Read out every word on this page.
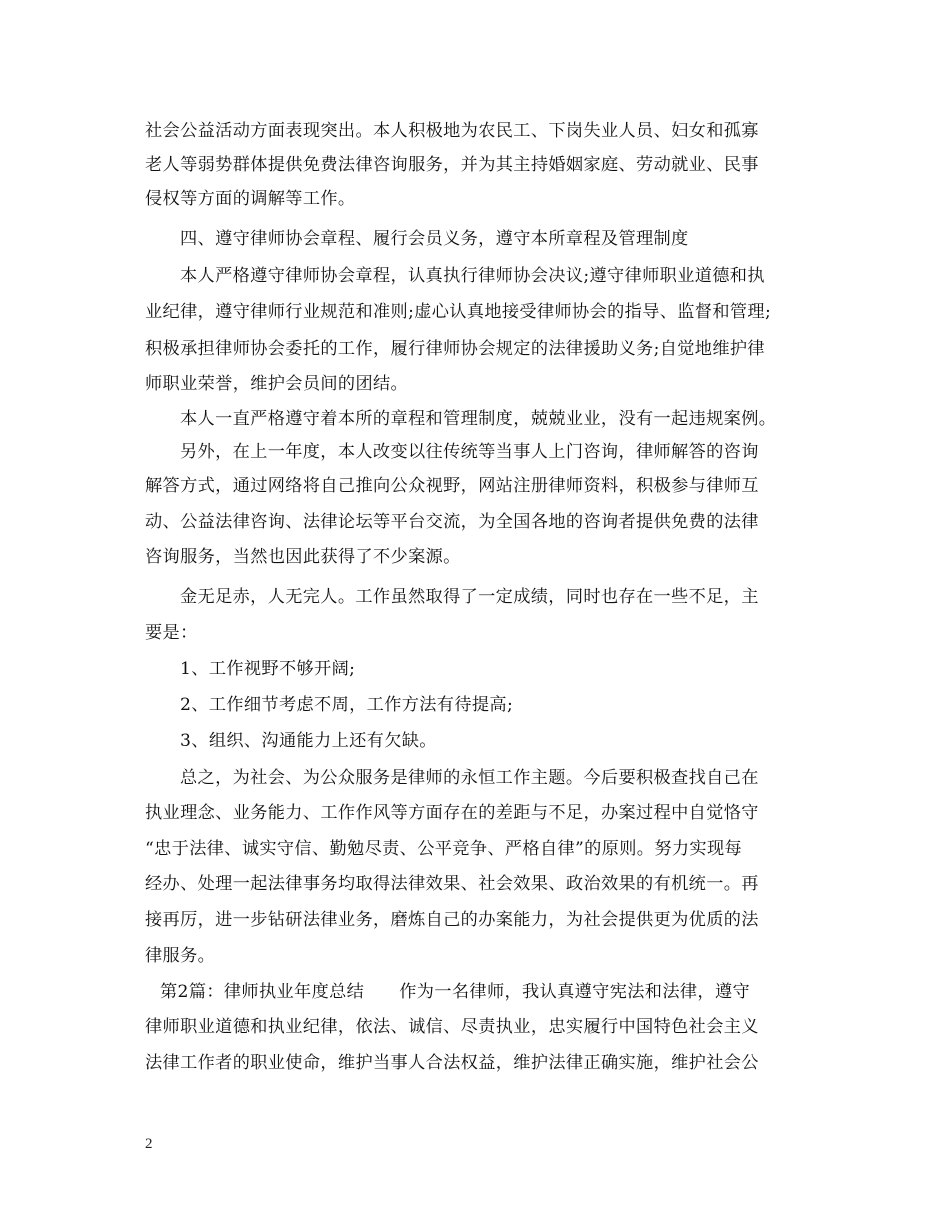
社会公益活动方面表现突出。本人积极地为农民工、下岗失业人员、妇女和孤寡
老人等弱势群体提供免费法律咨询服务，并为其主持婚姻家庭、劳动就业、民事
侵权等方面的调解等工作。
四、遵守律师协会章程、履行会员义务，遵守本所章程及管理制度
本人严格遵守律师协会章程，认真执行律师协会决议;遵守律师职业道德和执
业纪律，遵守律师行业规范和准则;虚心认真地接受律师协会的指导、监督和管理;
积极承担律师协会委托的工作，履行律师协会规定的法律援助义务;自觉地维护律
师职业荣誉，维护会员间的团结。
本人一直严格遵守着本所的章程和管理制度，兢兢业业，没有一起违规案例。
另外，在上一年度，本人改变以往传统等当事人上门咨询，律师解答的咨询
解答方式，通过网络将自己推向公众视野，网站注册律师资料，积极参与律师互
动、公益法律咨询、法律论坛等平台交流，为全国各地的咨询者提供免费的法律
咨询服务，当然也因此获得了不少案源。
金无足赤，人无完人。工作虽然取得了一定成绩，同时也存在一些不足，主
要是：
1、工作视野不够开阔;
2、工作细节考虑不周，工作方法有待提高;
3、组织、沟通能力上还有欠缺。
总之，为社会、为公众服务是律师的永恒工作主题。今后要积极查找自己在
执业理念、业务能力、工作作风等方面存在的差距与不足，办案过程中自觉恪守
“忠于法律、诚实守信、勤勉尽责、公平竞争、严格自律”的原则。努力实现每
经办、处理一起法律事务均取得法律效果、社会效果、政治效果的有机统一。再
接再厉，进一步钻研法律业务，磨炼自己的办案能力，为社会提供更为优质的法
律服务。
第2篇：律师执业年度总结　　作为一名律师，我认真遵守宪法和法律，遵守
律师职业道德和执业纪律，依法、诚信、尽责执业，忠实履行中国特色社会主义
法律工作者的职业使命，维护当事人合法权益，维护法律正确实施，维护社会公
2
